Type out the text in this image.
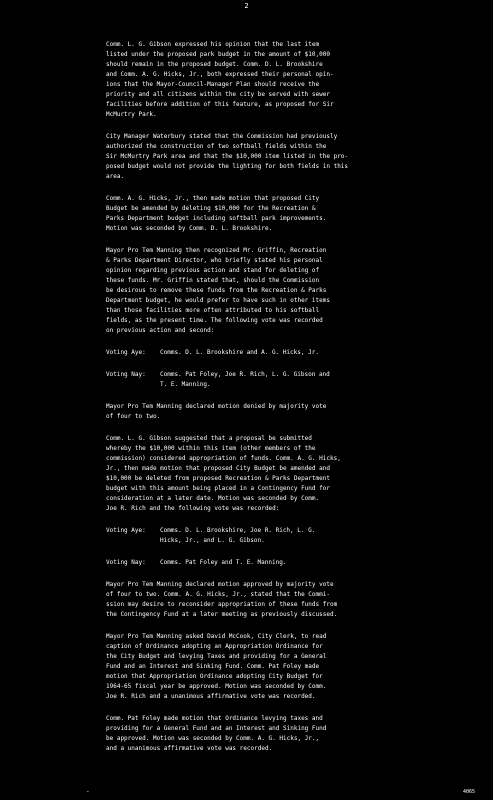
2

Comm. L. G. Gibson expressed his opinion that the last item
listed under the proposed park budget in the amount of $10,000
should remain in the proposed budget. Comm. D. L. Brookshire
and Comm. A. G. Hicks, Jr., both expressed their personal opin-
ions that the Mayor-Council-Manager Plan should receive the
priority and all citizens within the city be served with sewer
facilities before addition of this feature, as proposed for Sir
McMurtry Park.

City Manager Waterbury stated that the Commission had previously
authorized the construction of two softball fields within the
Sir McMurtry Park area and that the $10,000 item listed in the pro-
posed budget would not provide the lighting for both fields in this
area.

Comm. A. G. Hicks, Jr., then made motion that proposed City
Budget be amended by deleting $10,000 for the Recreation &
Parks Department budget including softball park improvements.
Motion was seconded by Comm. D. L. Brookshire.

Mayor Pro Tem Manning then recognized Mr. Griffin, Recreation
& Parks Department Director, who briefly stated his personal
opinion regarding previous action and stand for deleting of
these funds. Mr. Griffin stated that, should the Commission
be desirous to remove these funds from the Recreation & Parks
Department budget, he would prefer to have such in other items
than those facilities more often attributed to his softball
fields, as the present time. The following vote was recorded
on previous action and second:

Voting Aye:	Comms. D. L. Brookshire and A. G. Hicks, Jr.
Voting Nay:	Comms. Pat Foley, Joe R. Rich, L. G. Gibson and
T. E. Manning.

Mayor Pro Tem Manning declared motion denied by majority vote
of four to two.

Comm. L. G. Gibson suggested that a proposal be submitted
whereby the $10,000 within this item (other members of the
commission) considered appropriation of funds. Comm. A. G. Hicks,
Jr., then made motion that proposed City Budget be amended and
$10,000 be deleted from proposed Recreation & Parks Department
budget with this amount being placed in a Contingency Fund for
consideration at a later date. Motion was seconded by Comm.
Joe R. Rich and the following vote was recorded:

Voting Aye:	Comms. D. L. Brookshire, Joe R. Rich, L. G.
Hicks, Jr., and L. G. Gibson.
Voting Nay:	Comms. Pat Foley and T. E. Manning.

Mayor Pro Tem Manning declared motion approved by majority vote
of four to two. Comm. A. G. Hicks, Jr., stated that the Commi-
ssion may desire to reconsider appropriation of these funds from
the Contingency Fund at a later meeting as previously discussed.

Mayor Pro Tem Manning asked David McCook, City Clerk, to read
caption of Ordinance adopting an Appropriation Ordinance for
the City Budget and levying Taxes and providing for a General
Fund and an Interest and Sinking Fund. Comm. Pat Foley made
motion that Appropriation Ordinance adopting City Budget for
1964-65 fiscal year be approved. Motion was seconded by Comm.
Joe R. Rich and a unanimous affirmative vote was recorded.

Comm. Pat Foley made motion that Ordinance levying taxes and
providing for a General Fund and an Interest and Sinking Fund
be approved. Motion was seconded by Comm. A. G. Hicks, Jr.,
and a unanimous affirmative vote was recorded.

-	4065
